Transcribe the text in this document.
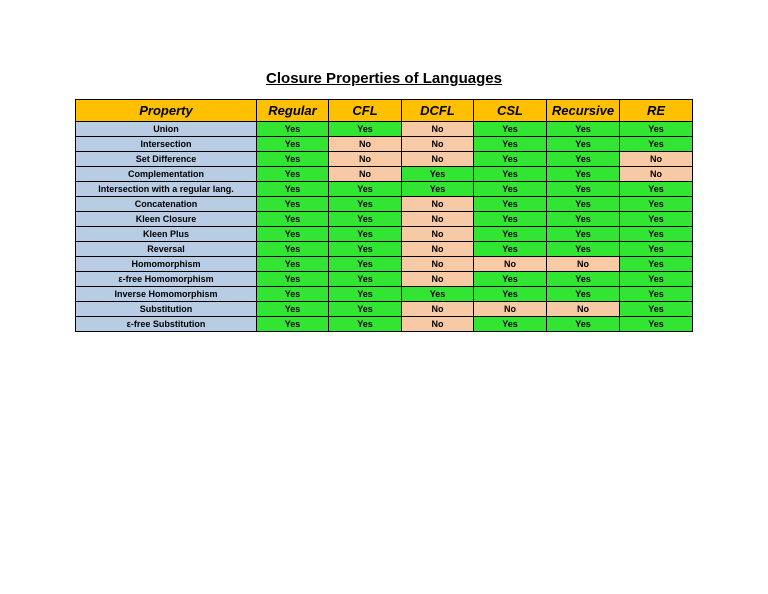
Closure Properties of Languages
Property	Regular	CFL	DCFL	CSL	Recursive	RE
Union	Yes	Yes	No	Yes	Yes	Yes
Intersection	Yes	No	No	Yes	Yes	Yes
Set Difference	Yes	No	No	Yes	Yes	No
Complementation	Yes	No	Yes	Yes	Yes	No
Intersection with a regular lang.	Yes	Yes	Yes	Yes	Yes	Yes
Concatenation	Yes	Yes	No	Yes	Yes	Yes
Kleen Closure	Yes	Yes	No	Yes	Yes	Yes
Kleen Plus	Yes	Yes	No	Yes	Yes	Yes
Reversal	Yes	Yes	No	Yes	Yes	Yes
Homomorphism	Yes	Yes	No	No	No	Yes
ε-free Homomorphism	Yes	Yes	No	Yes	Yes	Yes
Inverse Homomorphism	Yes	Yes	Yes	Yes	Yes	Yes
Substitution	Yes	Yes	No	No	No	Yes
ε-free Substitution	Yes	Yes	No	Yes	Yes	Yes
